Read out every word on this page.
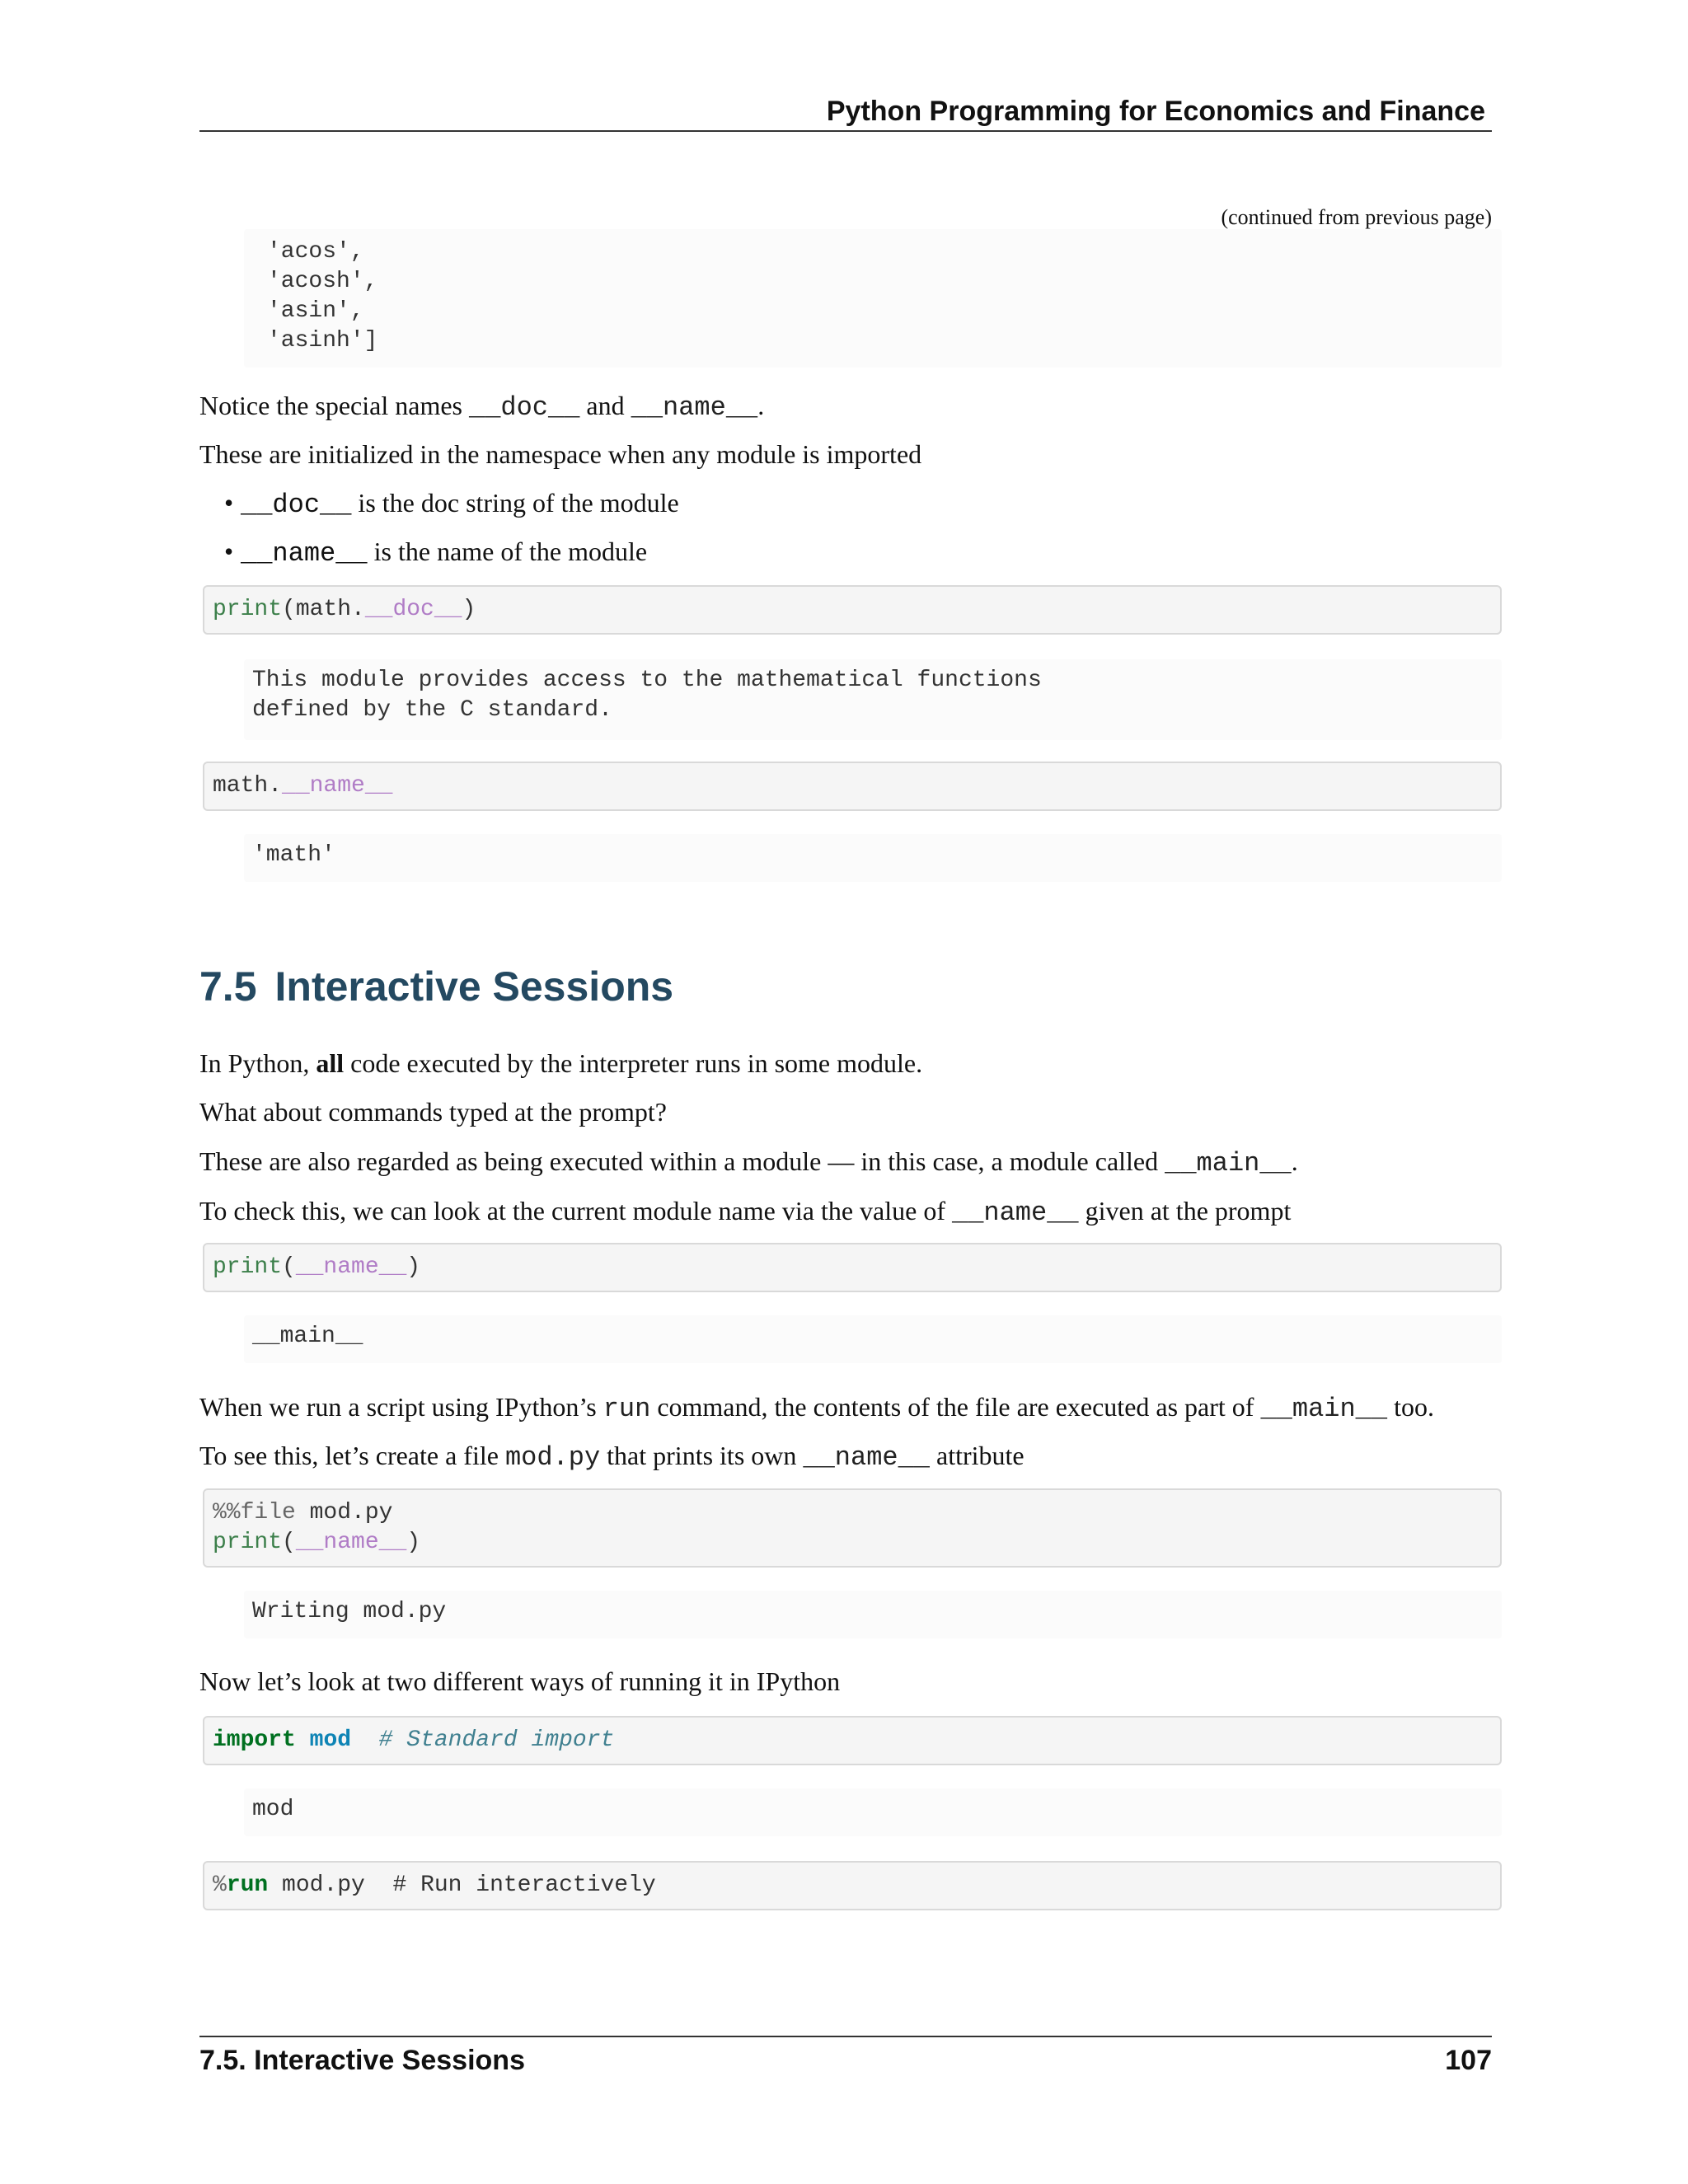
Python Programming for Economics and Finance
(continued from previous page)
'acos',
'acosh',
'asin',
'asinh']
Notice the special names __doc__ and __name__.
These are initialized in the namespace when any module is imported
• __doc__ is the doc string of the module
• __name__ is the name of the module
print(math.__doc__)
This module provides access to the mathematical functions
defined by the C standard.
math.__name__
'math'
7.5 Interactive Sessions
In Python, all code executed by the interpreter runs in some module.
What about commands typed at the prompt?
These are also regarded as being executed within a module — in this case, a module called __main__.
To check this, we can look at the current module name via the value of __name__ given at the prompt
print(__name__)
__main__
When we run a script using IPython’s run command, the contents of the file are executed as part of __main__ too.
To see this, let’s create a file mod.py that prints its own __name__ attribute
%%file mod.py
print(__name__)
Writing mod.py
Now let’s look at two different ways of running it in IPython
import mod # Standard import
mod
%run mod.py  # Run interactively
7.5. Interactive Sessions	107
